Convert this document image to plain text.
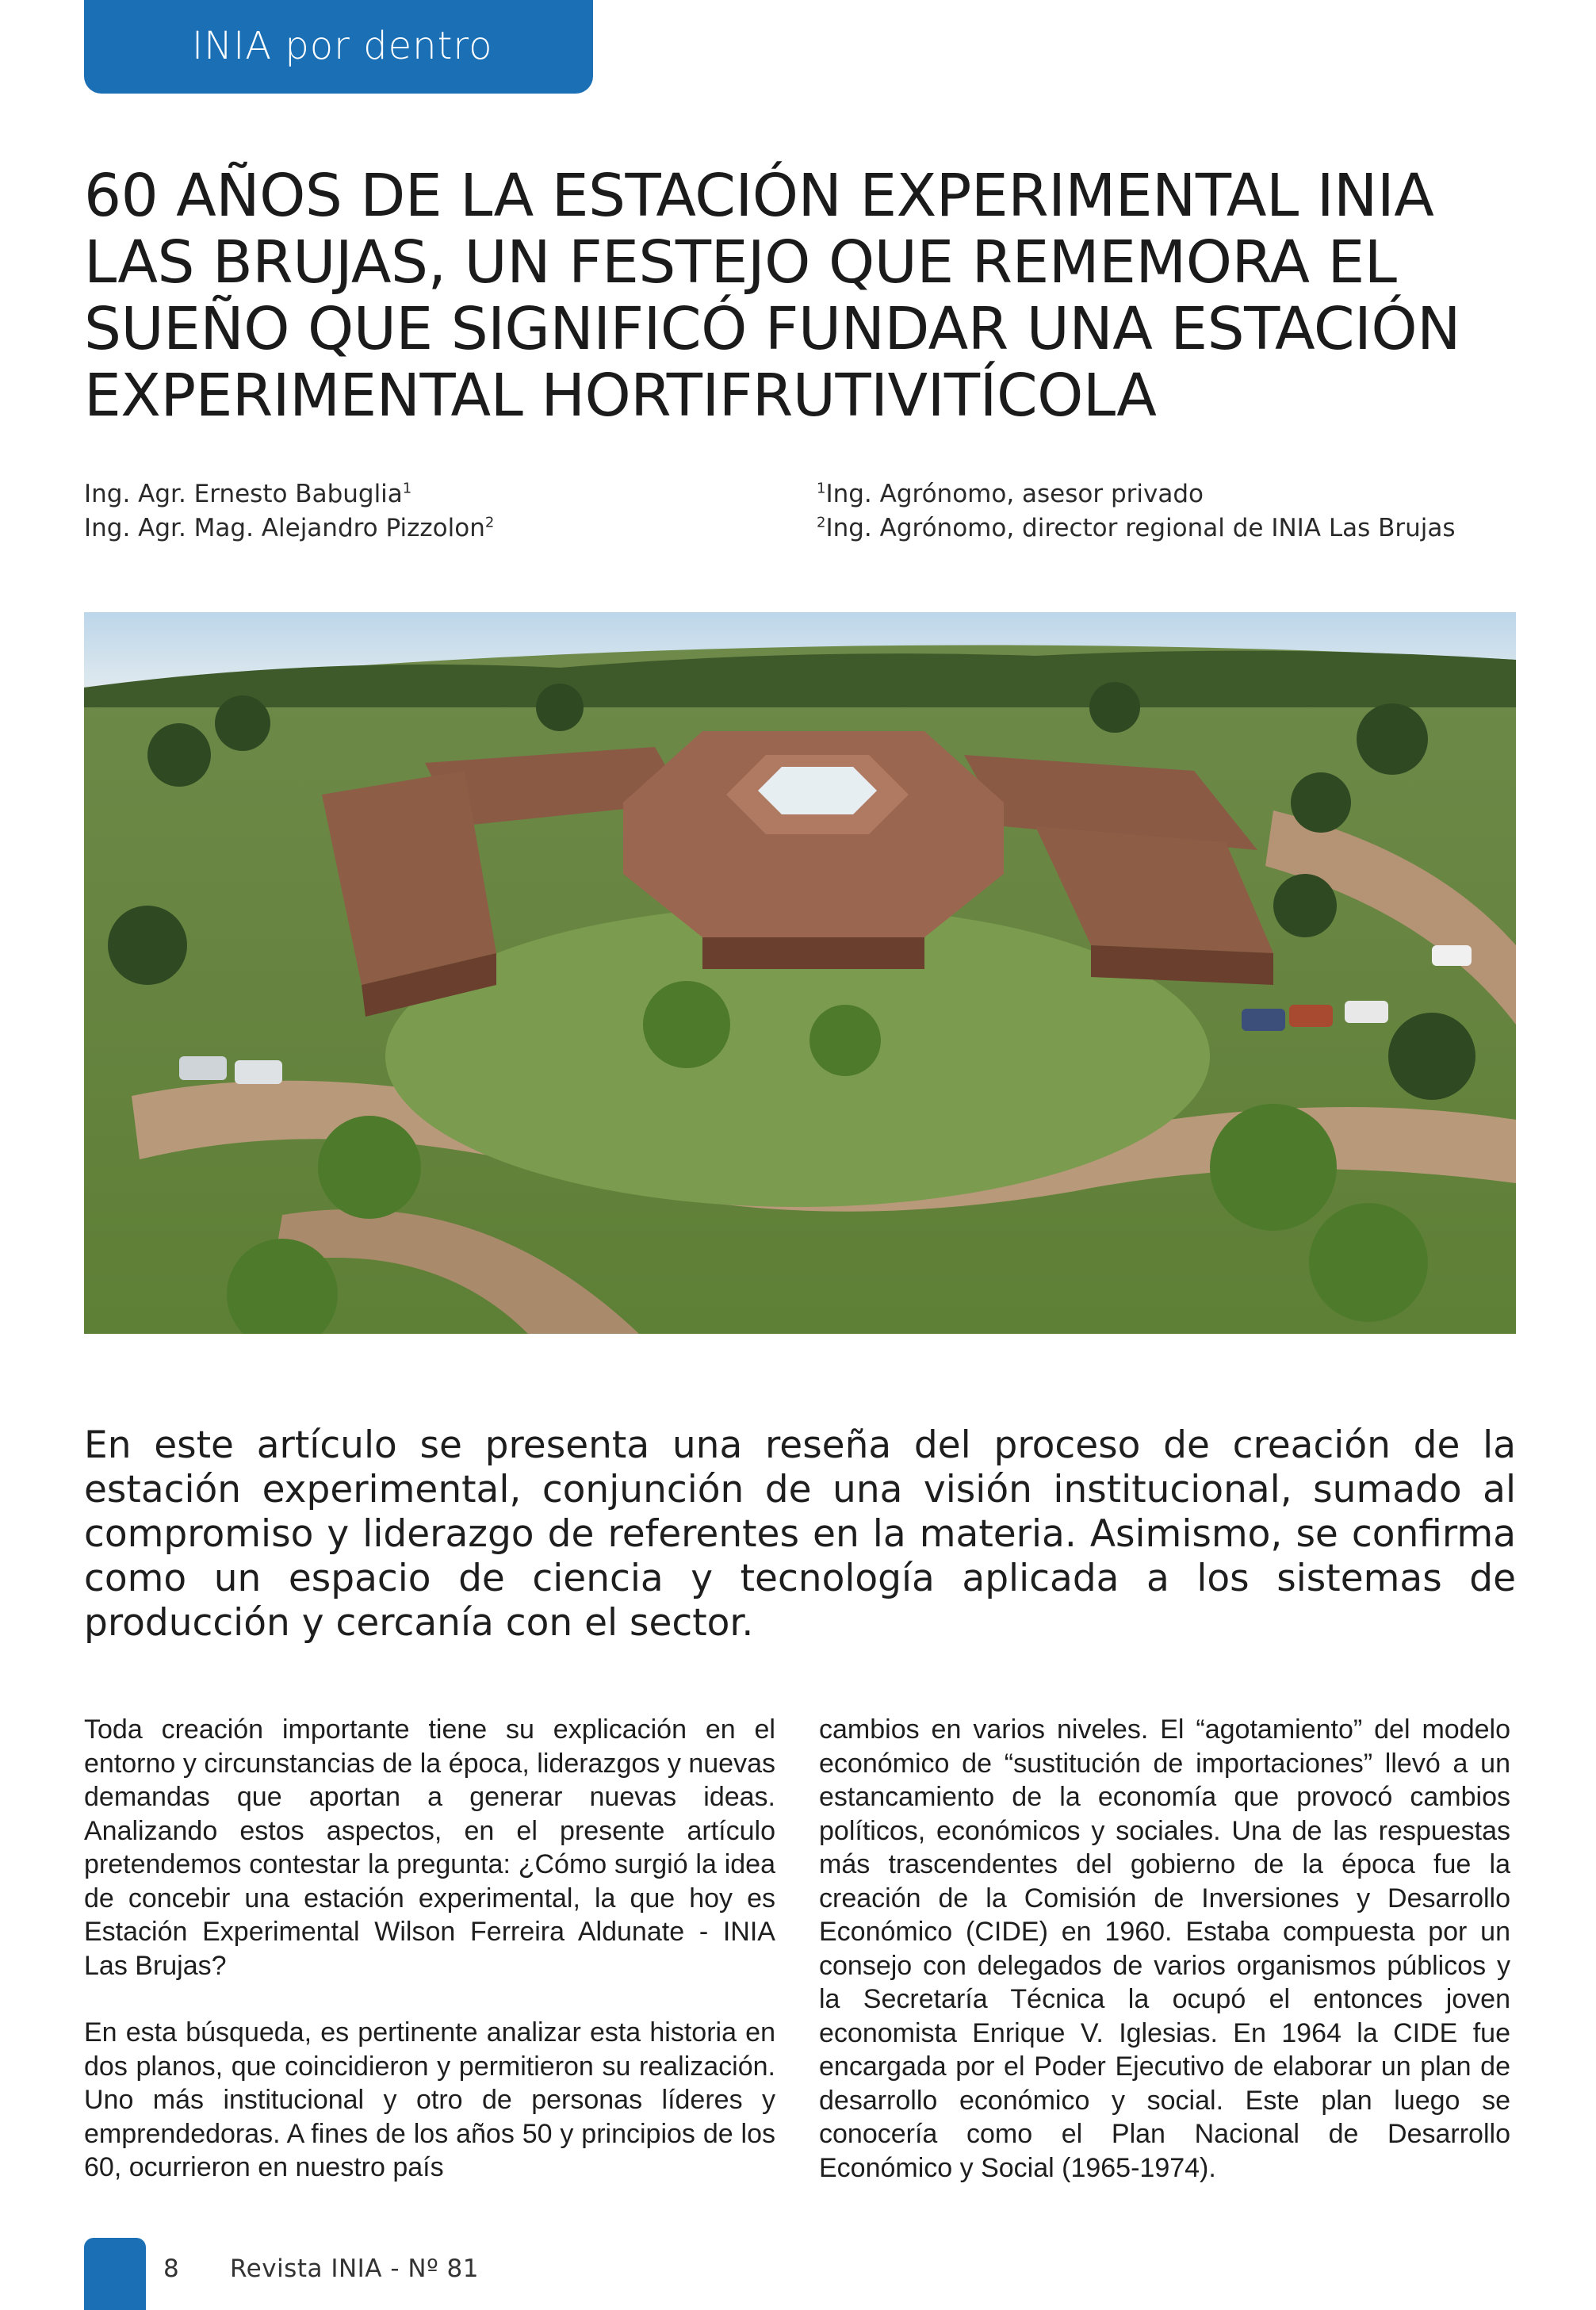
INIA por dentro
60 AÑOS DE LA ESTACIÓN EXPERIMENTAL INIA LAS BRUJAS, UN FESTEJO QUE REMEMORA EL SUEÑO QUE SIGNIFICÓ FUNDAR UNA ESTACIÓN EXPERIMENTAL HORTIFRUTIVITÍCOLA
Ing. Agr. Ernesto Babuglia$^1$
Ing. Agr. Mag. Alejandro Pizzolon$^2$
$^1$Ing. Agrónomo, asesor privado
$^2$Ing. Agrónomo, director regional de INIA Las Brujas

En este artículo se presenta una reseña del proceso de creación de la estación experimental, conjunción de una visión institucional, sumado al compromiso y liderazgo de referentes en la materia. Asimismo, se confirma como un espacio de ciencia y tecnología aplicada a los sistemas de producción y cercanía con el sector.

Toda creación importante tiene su explicación en el entorno y circunstancias de la época, liderazgos y nuevas demandas que aportan a generar nuevas ideas. Analizando estos aspectos, en el presente artículo pretendemos contestar la pregunta: ¿Cómo surgió la idea de concebir una estación experimental, la que hoy es Estación Experimental Wilson Ferreira Aldunate - INIA Las Brujas?

En esta búsqueda, es pertinente analizar esta historia en dos planos, que coincidieron y permitieron su realización. Uno más institucional y otro de personas líderes y emprendedoras. A fines de los años 50 y principios de los 60, ocurrieron en nuestro país

cambios en varios niveles. El “agotamiento” del modelo económico de “sustitución de importaciones” llevó a un estancamiento de la economía que provocó cambios políticos, económicos y sociales. Una de las respuestas más trascendentes del gobierno de la época fue la creación de la Comisión de Inversiones y Desarrollo Económico (CIDE) en 1960. Estaba compuesta por un consejo con delegados de varios organismos públicos y la Secretaría Técnica la ocupó el entonces joven economista Enrique V. Iglesias. En 1964 la CIDE fue encargada por el Poder Ejecutivo de elaborar un plan de desarrollo económico y social. Este plan luego se conocería como el Plan Nacional de Desarrollo Económico y Social (1965-1974).

8 Revista INIA - Nº 81
